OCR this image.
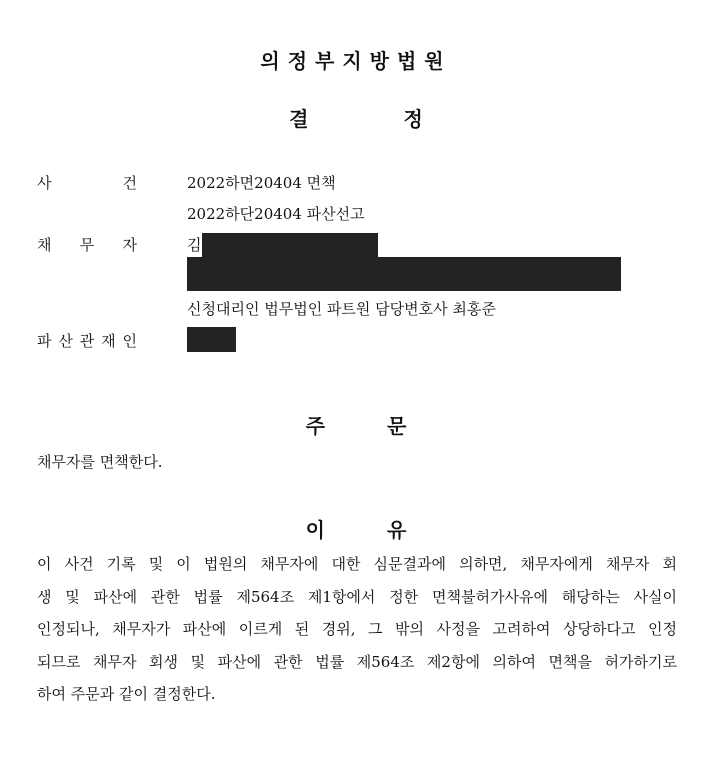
의정부지방법원
결	정
사	건	2022하면20404 면책
2022하단20404 파산선고
채 무 자	김
신청대리인 법무법인 파트원 담당변호사 최홍준
파 산 관 재 인
주	문
채무자를 면책한다.
이	유
이 사건 기록 및 이 법원의 채무자에 대한 심문결과에 의하면, 채무자에게 채무자 회
생 및 파산에 관한 법률 제564조 제1항에서 정한 면책불허가사유에 해당하는 사실이
인정되나, 채무자가 파산에 이르게 된 경위, 그 밖의 사정을 고려하여 상당하다고 인정
되므로 채무자 회생 및 파산에 관한 법률 제564조 제2항에 의하여 면책을 허가하기로
하여 주문과 같이 결정한다.
